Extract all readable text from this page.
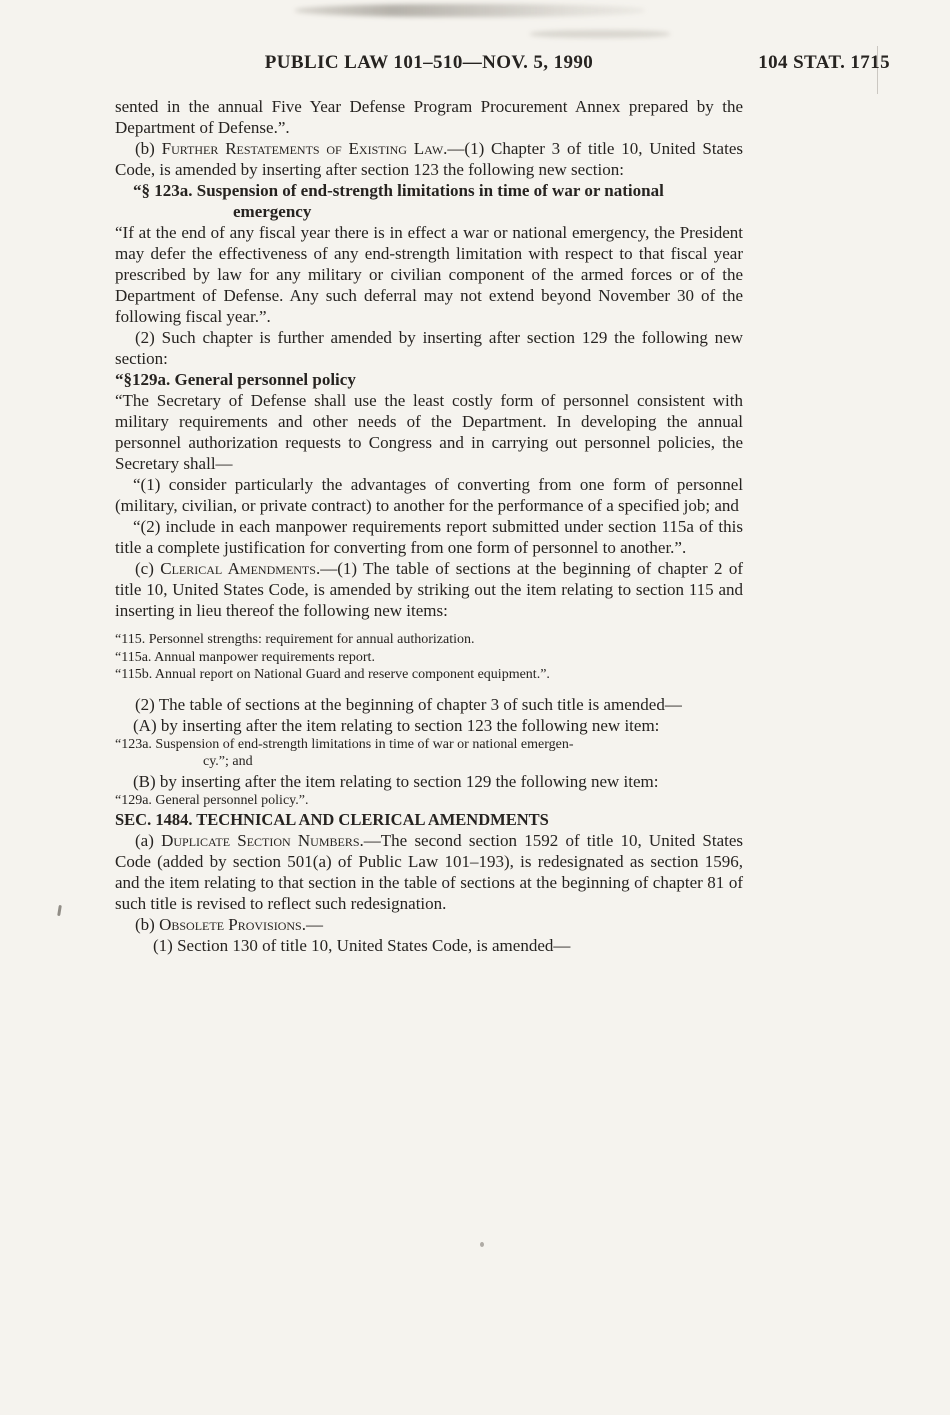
PUBLIC LAW 101–510—NOV. 5, 1990	104 STAT. 1715

sented in the annual Five Year Defense Program Procurement Annex prepared by the Department of Defense.”.

(b) Further Restatements of Existing Law.—(1) Chapter 3 of title 10, United States Code, is amended by inserting after section 123 the following new section:

“§ 123a. Suspension of end-strength limitations in time of war or national emergency

“If at the end of any fiscal year there is in effect a war or national emergency, the President may defer the effectiveness of any end-strength limitation with respect to that fiscal year prescribed by law for any military or civilian component of the armed forces or of the Department of Defense. Any such deferral may not extend beyond November 30 of the following fiscal year.”.

(2) Such chapter is further amended by inserting after section 129 the following new section:

“§129a. General personnel policy

“The Secretary of Defense shall use the least costly form of personnel consistent with military requirements and other needs of the Department. In developing the annual personnel authorization requests to Congress and in carrying out personnel policies, the Secretary shall—

“(1) consider particularly the advantages of converting from one form of personnel (military, civilian, or private contract) to another for the performance of a specified job; and

“(2) include in each manpower requirements report submitted under section 115a of this title a complete justification for converting from one form of personnel to another.”.

(c) Clerical Amendments.—(1) The table of sections at the beginning of chapter 2 of title 10, United States Code, is amended by striking out the item relating to section 115 and inserting in lieu thereof the following new items:

“115. Personnel strengths: requirement for annual authorization.

“115a. Annual manpower requirements report.

“115b. Annual report on National Guard and reserve component equipment.”.

(2) The table of sections at the beginning of chapter 3 of such title is amended—

(A) by inserting after the item relating to section 123 the following new item:

“123a. Suspension of end-strength limitations in time of war or national emergen-
cy.”; and

(B) by inserting after the item relating to section 129 the following new item:

“129a. General personnel policy.”.

SEC. 1484. TECHNICAL AND CLERICAL AMENDMENTS

(a) Duplicate Section Numbers.—The second section 1592 of title 10, United States Code (added by section 501(a) of Public Law 101–193), is redesignated as section 1596, and the item relating to that section in the table of sections at the beginning of chapter 81 of such title is revised to reflect such redesignation.

(b) Obsolete Provisions.—

(1) Section 130 of title 10, United States Code, is amended—
